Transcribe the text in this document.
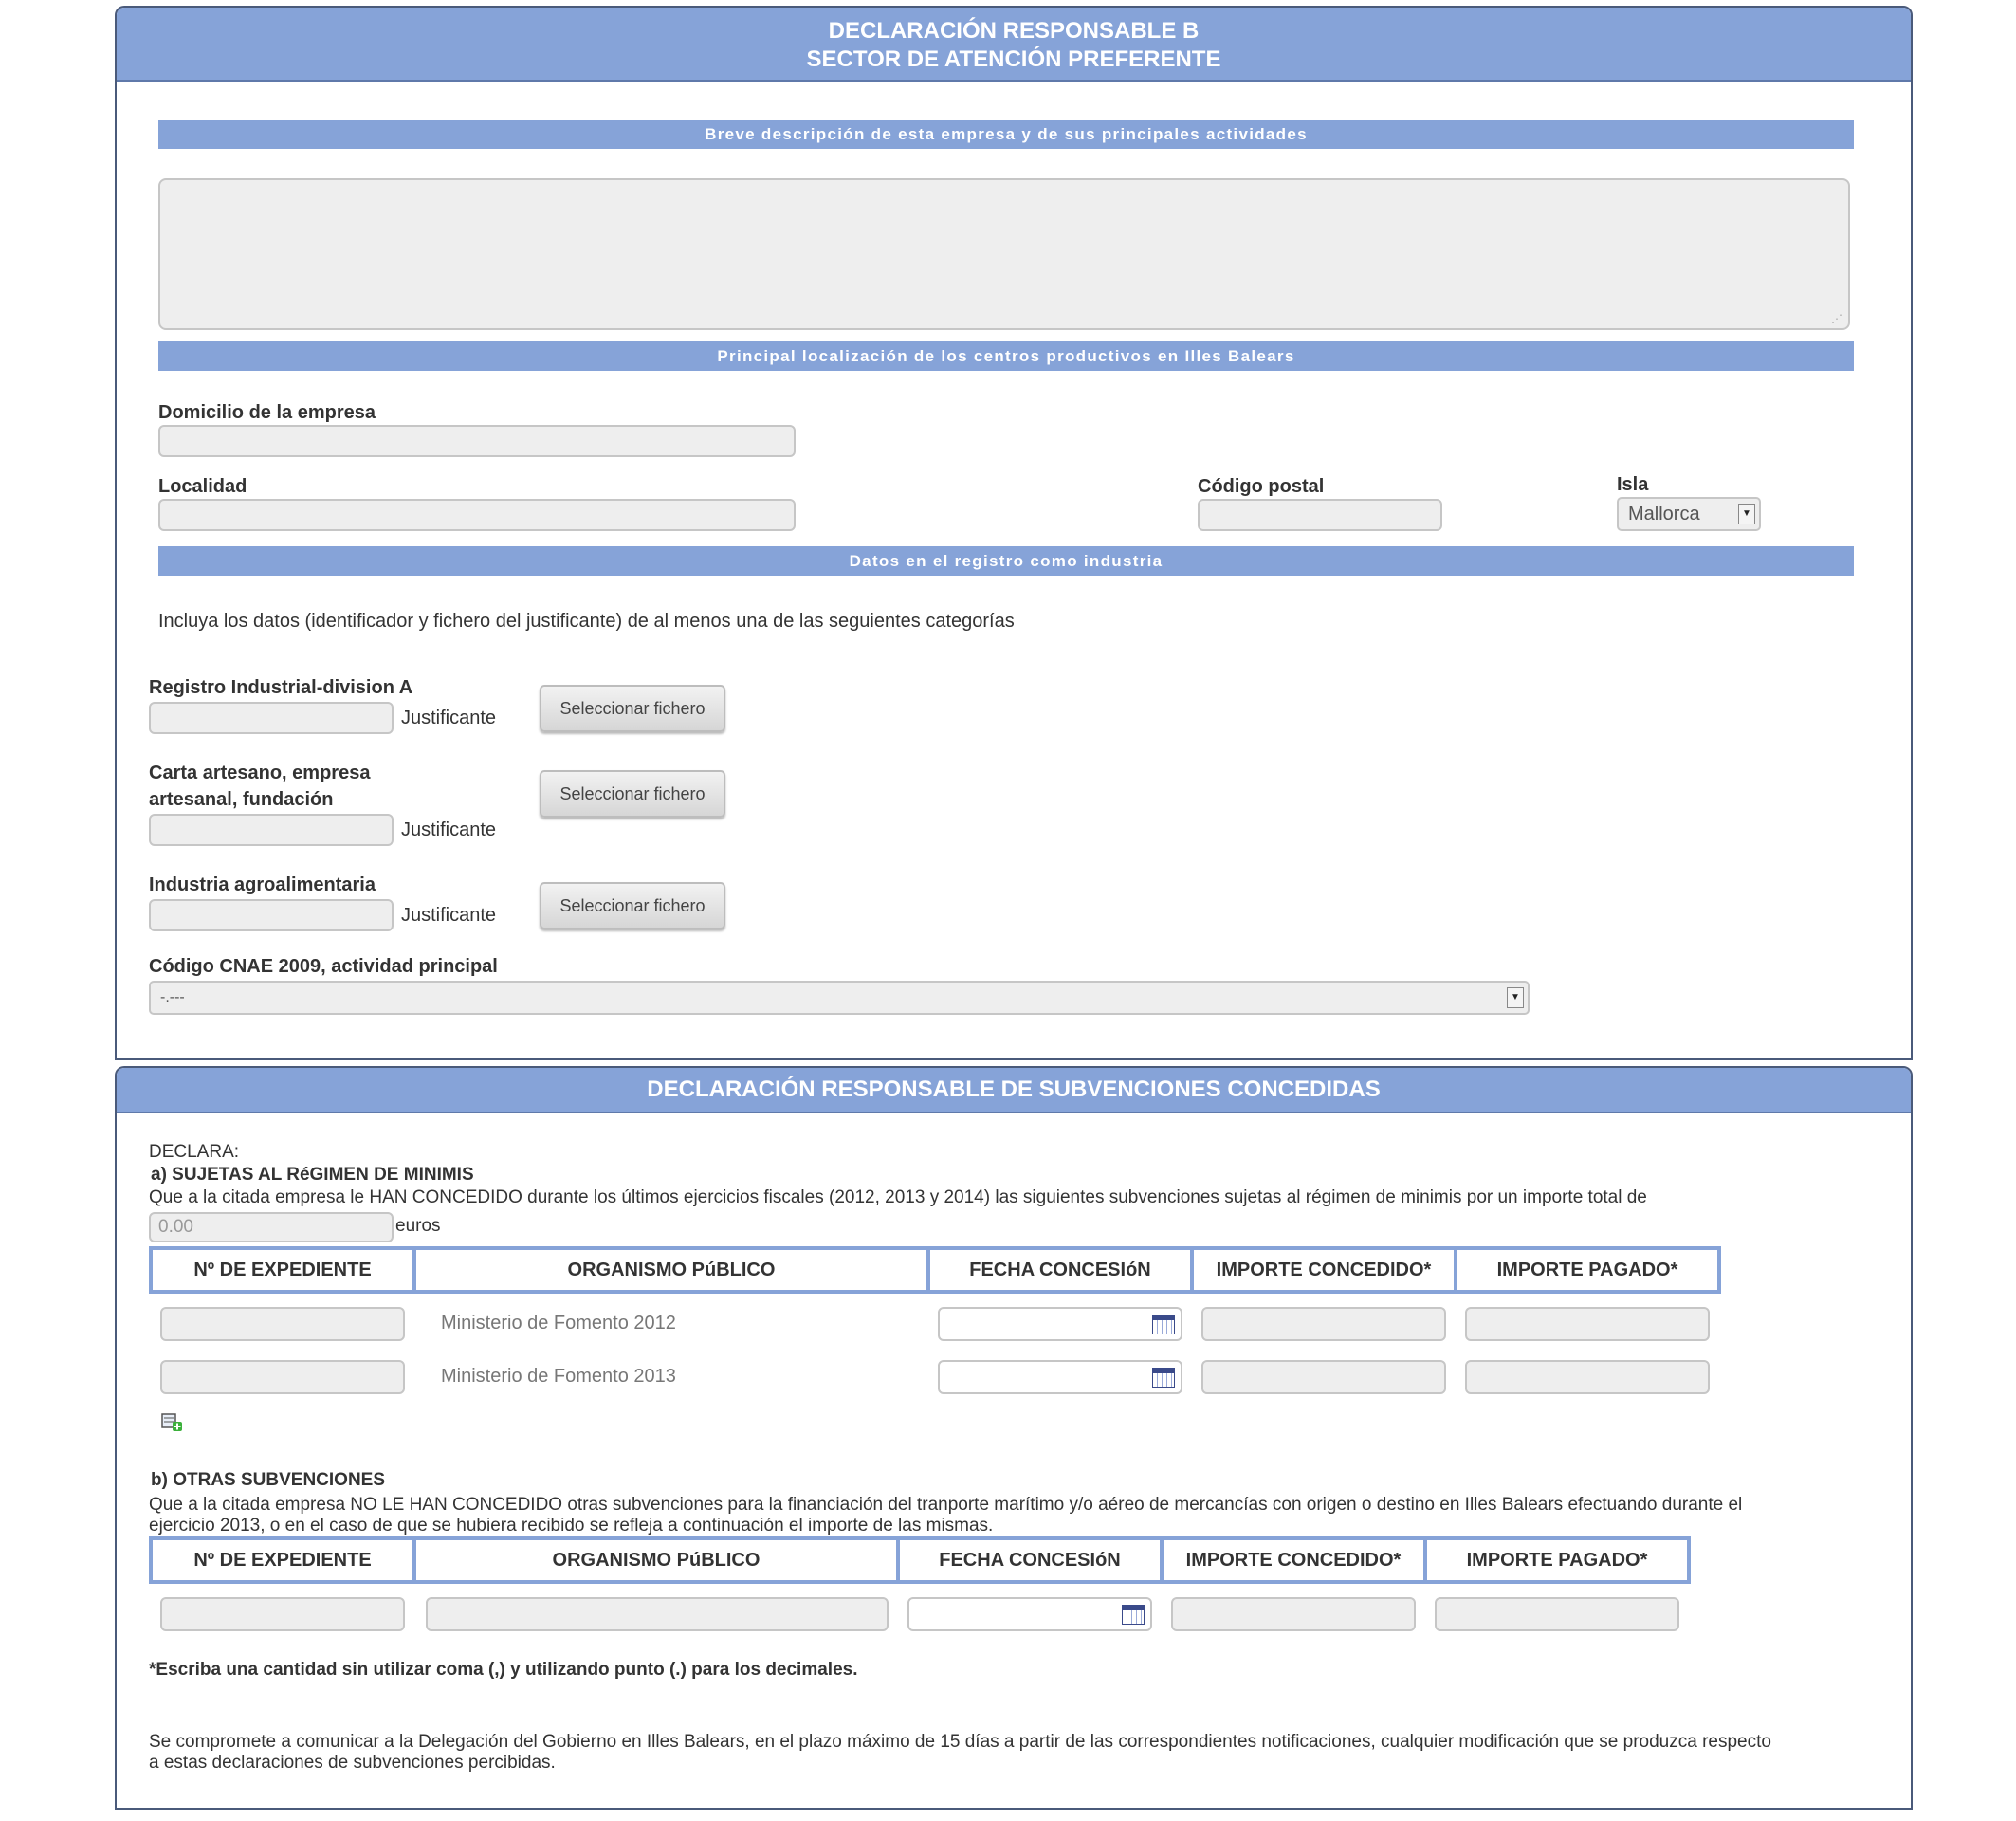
DECLARACIÓN RESPONSABLE B
SECTOR DE ATENCIÓN PREFERENTE
Breve descripción de esta empresa y de sus principales actividades
⋰
Principal localización de los centros productivos en Illes Balears
Domicilio de la empresa
Localidad	Código postal	Isla
Mallorca	▼
Datos en el registro como industria
Incluya los datos (identificador y fichero del justificante) de al menos una de las seguientes categorías
Registro Industrial-division A
Justificante	Seleccionar fichero
Carta artesano, empresa
artesanal, fundación
Justificante
Seleccionar fichero
Industria agroalimentaria
Justificante	Seleccionar fichero
Código CNAE 2009, actividad principal
-.---	▼
DECLARACIÓN RESPONSABLE DE SUBVENCIONES CONCEDIDAS
DECLARA:
a) SUJETAS AL RéGIMEN DE MINIMIS
Que a la citada empresa le HAN CONCEDIDO durante los últimos ejercicios fiscales (2012, 2013 y 2014) las siguientes subvenciones sujetas al régimen de minimis por un importe total de
0.00	euros
Nº DE EXPEDIENTE	ORGANISMO PúBLICO	FECHA CONCESIóN	IMPORTE CONCEDIDO*	IMPORTE PAGADO*
Ministerio de Fomento 2012
Ministerio de Fomento 2013
b) OTRAS SUBVENCIONES
Que a la citada empresa NO LE HAN CONCEDIDO otras subvenciones para la financiación del tranporte marítimo y/o aéreo de mercancías con origen o destino en Illes Balears efectuando durante el
ejercicio 2013, o en el caso de que se hubiera recibido se refleja a continuación el importe de las mismas.
Nº DE EXPEDIENTE	ORGANISMO PúBLICO	FECHA CONCESIóN	IMPORTE CONCEDIDO*	IMPORTE PAGADO*
*Escriba una cantidad sin utilizar coma (,) y utilizando punto (.) para los decimales.
Se compromete a comunicar a la Delegación del Gobierno en Illes Balears, en el plazo máximo de 15 días a partir de las correspondientes notificaciones, cualquier modificación que se produzca respecto
a estas declaraciones de subvenciones percibidas.
